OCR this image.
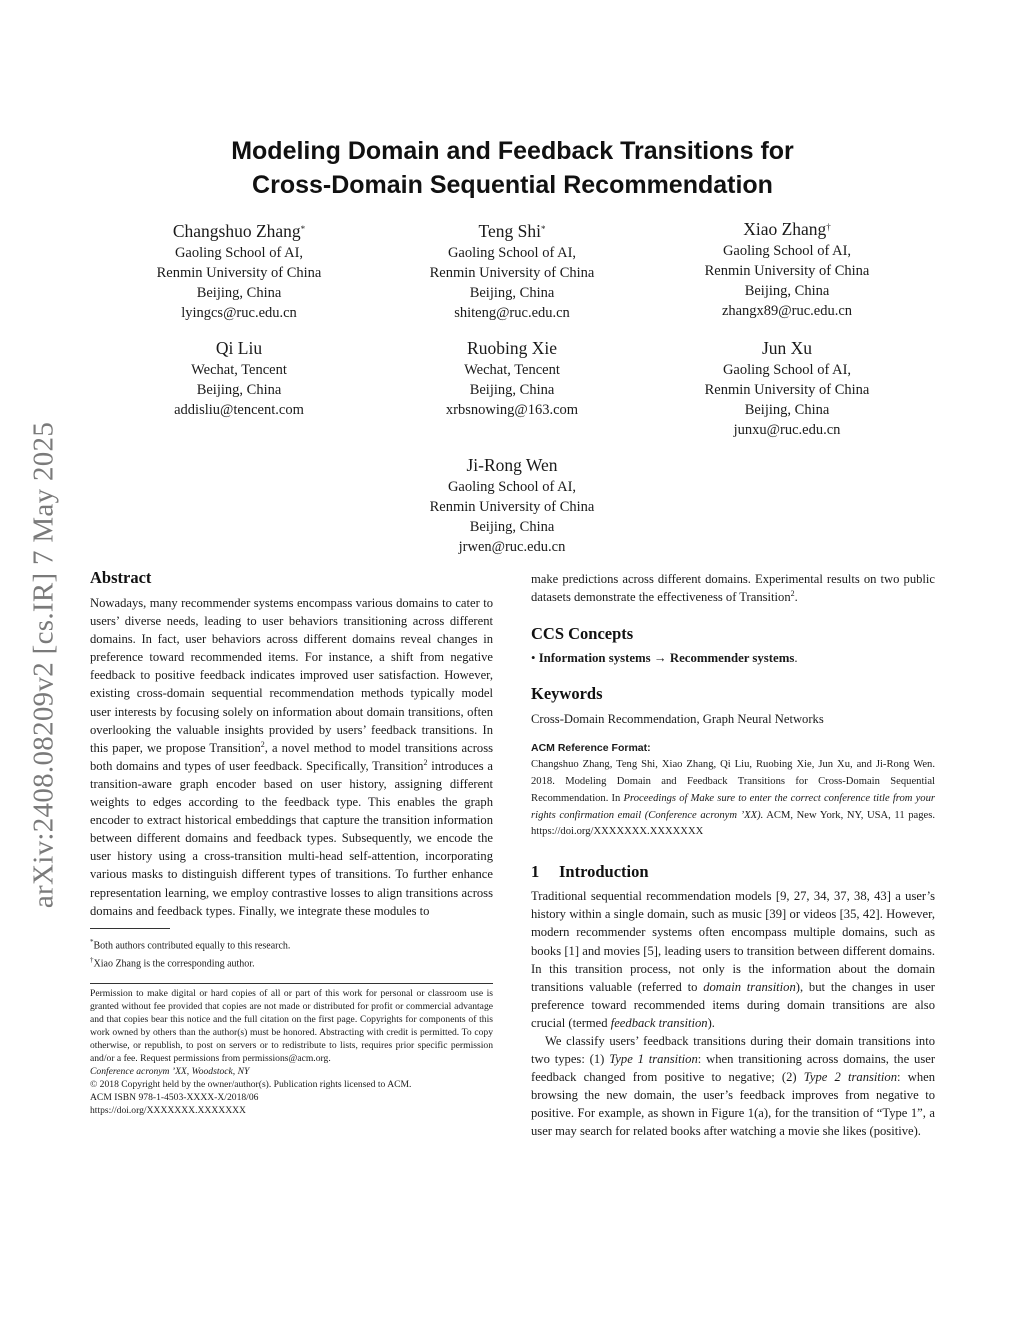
arXiv:2408.08209v2 [cs.IR] 7 May 2025
Modeling Domain and Feedback Transitions for
Cross-Domain Sequential Recommendation
Changshuo Zhang*
Gaoling School of AI,
Renmin University of China
Beijing, China
lyingcs@ruc.edu.cn
Teng Shi*
Gaoling School of AI,
Renmin University of China
Beijing, China
shiteng@ruc.edu.cn
Xiao Zhang†
Gaoling School of AI,
Renmin University of China
Beijing, China
zhangx89@ruc.edu.cn
Qi Liu
Wechat, Tencent
Beijing, China
addisliu@tencent.com
Ruobing Xie
Wechat, Tencent
Beijing, China
xrbsnowing@163.com
Jun Xu
Gaoling School of AI,
Renmin University of China
Beijing, China
junxu@ruc.edu.cn
Ji-Rong Wen
Gaoling School of AI,
Renmin University of China
Beijing, China
jrwen@ruc.edu.cn
Abstract

Nowadays, many recommender systems encompass various domains to cater to users’ diverse needs, leading to user behaviors transitioning across different domains. In fact, user behaviors across different domains reveal changes in preference toward recommended items. For instance, a shift from negative feedback to positive feedback indicates improved user satisfaction. However, existing cross-domain sequential recommendation methods typically model user interests by focusing solely on information about domain transitions, often overlooking the valuable insights provided by users’ feedback transitions. In this paper, we propose Transition$^2$, a novel method to model transitions across both domains and types of user feedback. Specifically, Transition$^2$ introduces a transition-aware graph encoder based on user history, assigning different weights to edges according to the feedback type. This enables the graph encoder to extract historical embeddings that capture the transition information between different domains and feedback types. Subsequently, we encode the user history using a cross-transition multi-head self-attention, incorporating various masks to distinguish different types of transitions. To further enhance representation learning, we employ contrastive losses to align transitions across domains and feedback types. Finally, we integrate these modules to

*Both authors contributed equally to this research.
†Xiao Zhang is the corresponding author.
Permission to make digital or hard copies of all or part of this work for personal or classroom use is granted without fee provided that copies are not made or distributed for profit or commercial advantage and that copies bear this notice and the full citation on the first page. Copyrights for components of this work owned by others than the author(s) must be honored. Abstracting with credit is permitted. To copy otherwise, or republish, to post on servers or to redistribute to lists, requires prior specific permission and/or a fee. Request permissions from permissions@acm.org.
Conference acronym ’XX, Woodstock, NY
© 2018 Copyright held by the owner/author(s). Publication rights licensed to ACM.
ACM ISBN 978-1-4503-XXXX-X/2018/06
https://doi.org/XXXXXXX.XXXXXXX

make predictions across different domains. Experimental results on two public datasets demonstrate the effectiveness of Transition$^2$.

CCS Concepts
• Information systems → Recommender systems.
Keywords
Cross-Domain Recommendation, Graph Neural Networks
ACM Reference Format:

Changshuo Zhang, Teng Shi, Xiao Zhang, Qi Liu, Ruobing Xie, Jun Xu, and Ji-Rong Wen. 2018. Modeling Domain and Feedback Transitions for Cross-Domain Sequential Recommendation. In Proceedings of Make sure to enter the correct conference title from your rights confirmation email (Conference acronym ’XX). ACM, New York, NY, USA, 11 pages. https://doi.org/XXXXXXX.XXXXXXX

1 Introduction

Traditional sequential recommendation models [9, 27, 34, 37, 38, 43] a user’s history within a single domain, such as music [39] or videos [35, 42]. However, modern recommender systems often encompass multiple domains, such as books [1] and movies [5], leading users to transition between different domains. In this transition process, not only is the information about the domain transitions valuable (referred to domain transition), but the changes in user preference toward recommended items during domain transitions are also crucial (termed feedback transition).

We classify users’ feedback transitions during their domain transitions into two types: (1) Type 1 transition: when transitioning across domains, the user feedback changed from positive to negative; (2) Type 2 transition: when browsing the new domain, the user’s feedback improves from negative to positive. For example, as shown in Figure 1(a), for the transition of “Type 1”, a user may search for related books after watching a movie she likes (positive).
